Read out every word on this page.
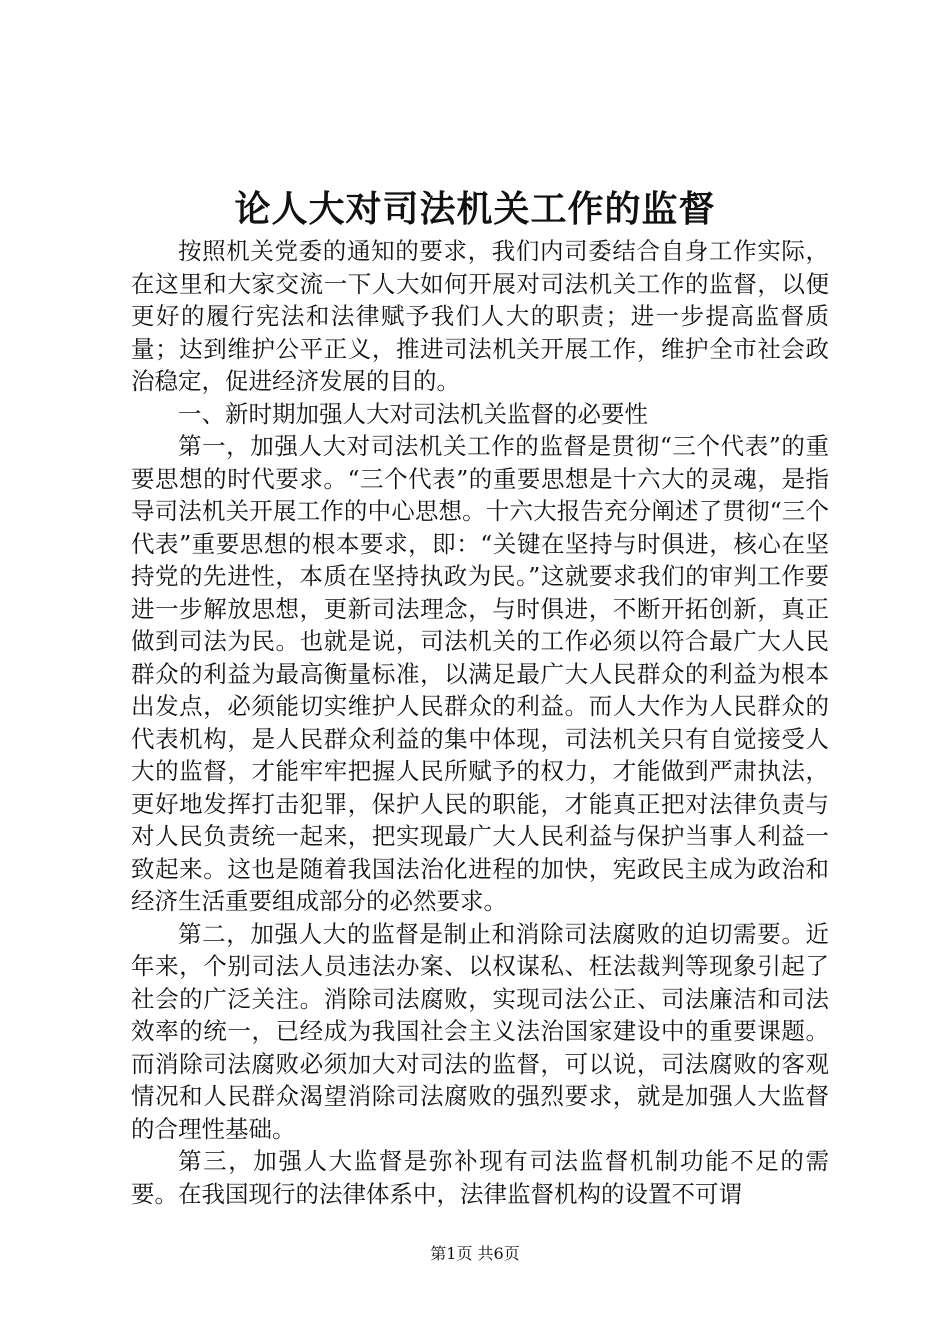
论人大对司法机关工作的监督

按照机关党委的通知的要求，我们内司委结合自身工作实际，在这里和大家交流一下人大如何开展对司法机关工作的监督，以便更好的履行宪法和法律赋予我们人大的职责；进一步提高监督质量；达到维护公平正义，推进司法机关开展工作，维护全市社会政治稳定，促进经济发展的目的。

一、新时期加强人大对司法机关监督的必要性

第一，加强人大对司法机关工作的监督是贯彻“三个代表”的重要思想的时代要求。“三个代表”的重要思想是十六大的灵魂，是指导司法机关开展工作的中心思想。十六大报告充分阐述了贯彻“三个代表”重要思想的根本要求，即：“关键在坚持与时俱进，核心在坚持党的先进性，本质在坚持执政为民。”这就要求我们的审判工作要进一步解放思想，更新司法理念，与时俱进，不断开拓创新，真正做到司法为民。也就是说，司法机关的工作必须以符合最广大人民群众的利益为最高衡量标准，以满足最广大人民群众的利益为根本出发点，必须能切实维护人民群众的利益。而人大作为人民群众的代表机构，是人民群众利益的集中体现，司法机关只有自觉接受人大的监督，才能牢牢把握人民所赋予的权力，才能做到严肃执法，更好地发挥打击犯罪，保护人民的职能，才能真正把对法律负责与对人民负责统一起来，把实现最广大人民利益与保护当事人利益一致起来。这也是随着我国法治化进程的加快，宪政民主成为政治和经济生活重要组成部分的必然要求。

第二，加强人大的监督是制止和消除司法腐败的迫切需要。近年来，个别司法人员违法办案、以权谋私、枉法裁判等现象引起了社会的广泛关注。消除司法腐败，实现司法公正、司法廉洁和司法效率的统一，已经成为我国社会主义法治国家建设中的重要课题。而消除司法腐败必须加大对司法的监督，可以说，司法腐败的客观情况和人民群众渴望消除司法腐败的强烈要求，就是加强人大监督的合理性基础。

第三，加强人大监督是弥补现有司法监督机制功能不足的需要。在我国现行的法律体系中，法律监督机构的设置不可谓

第1页 共6页
